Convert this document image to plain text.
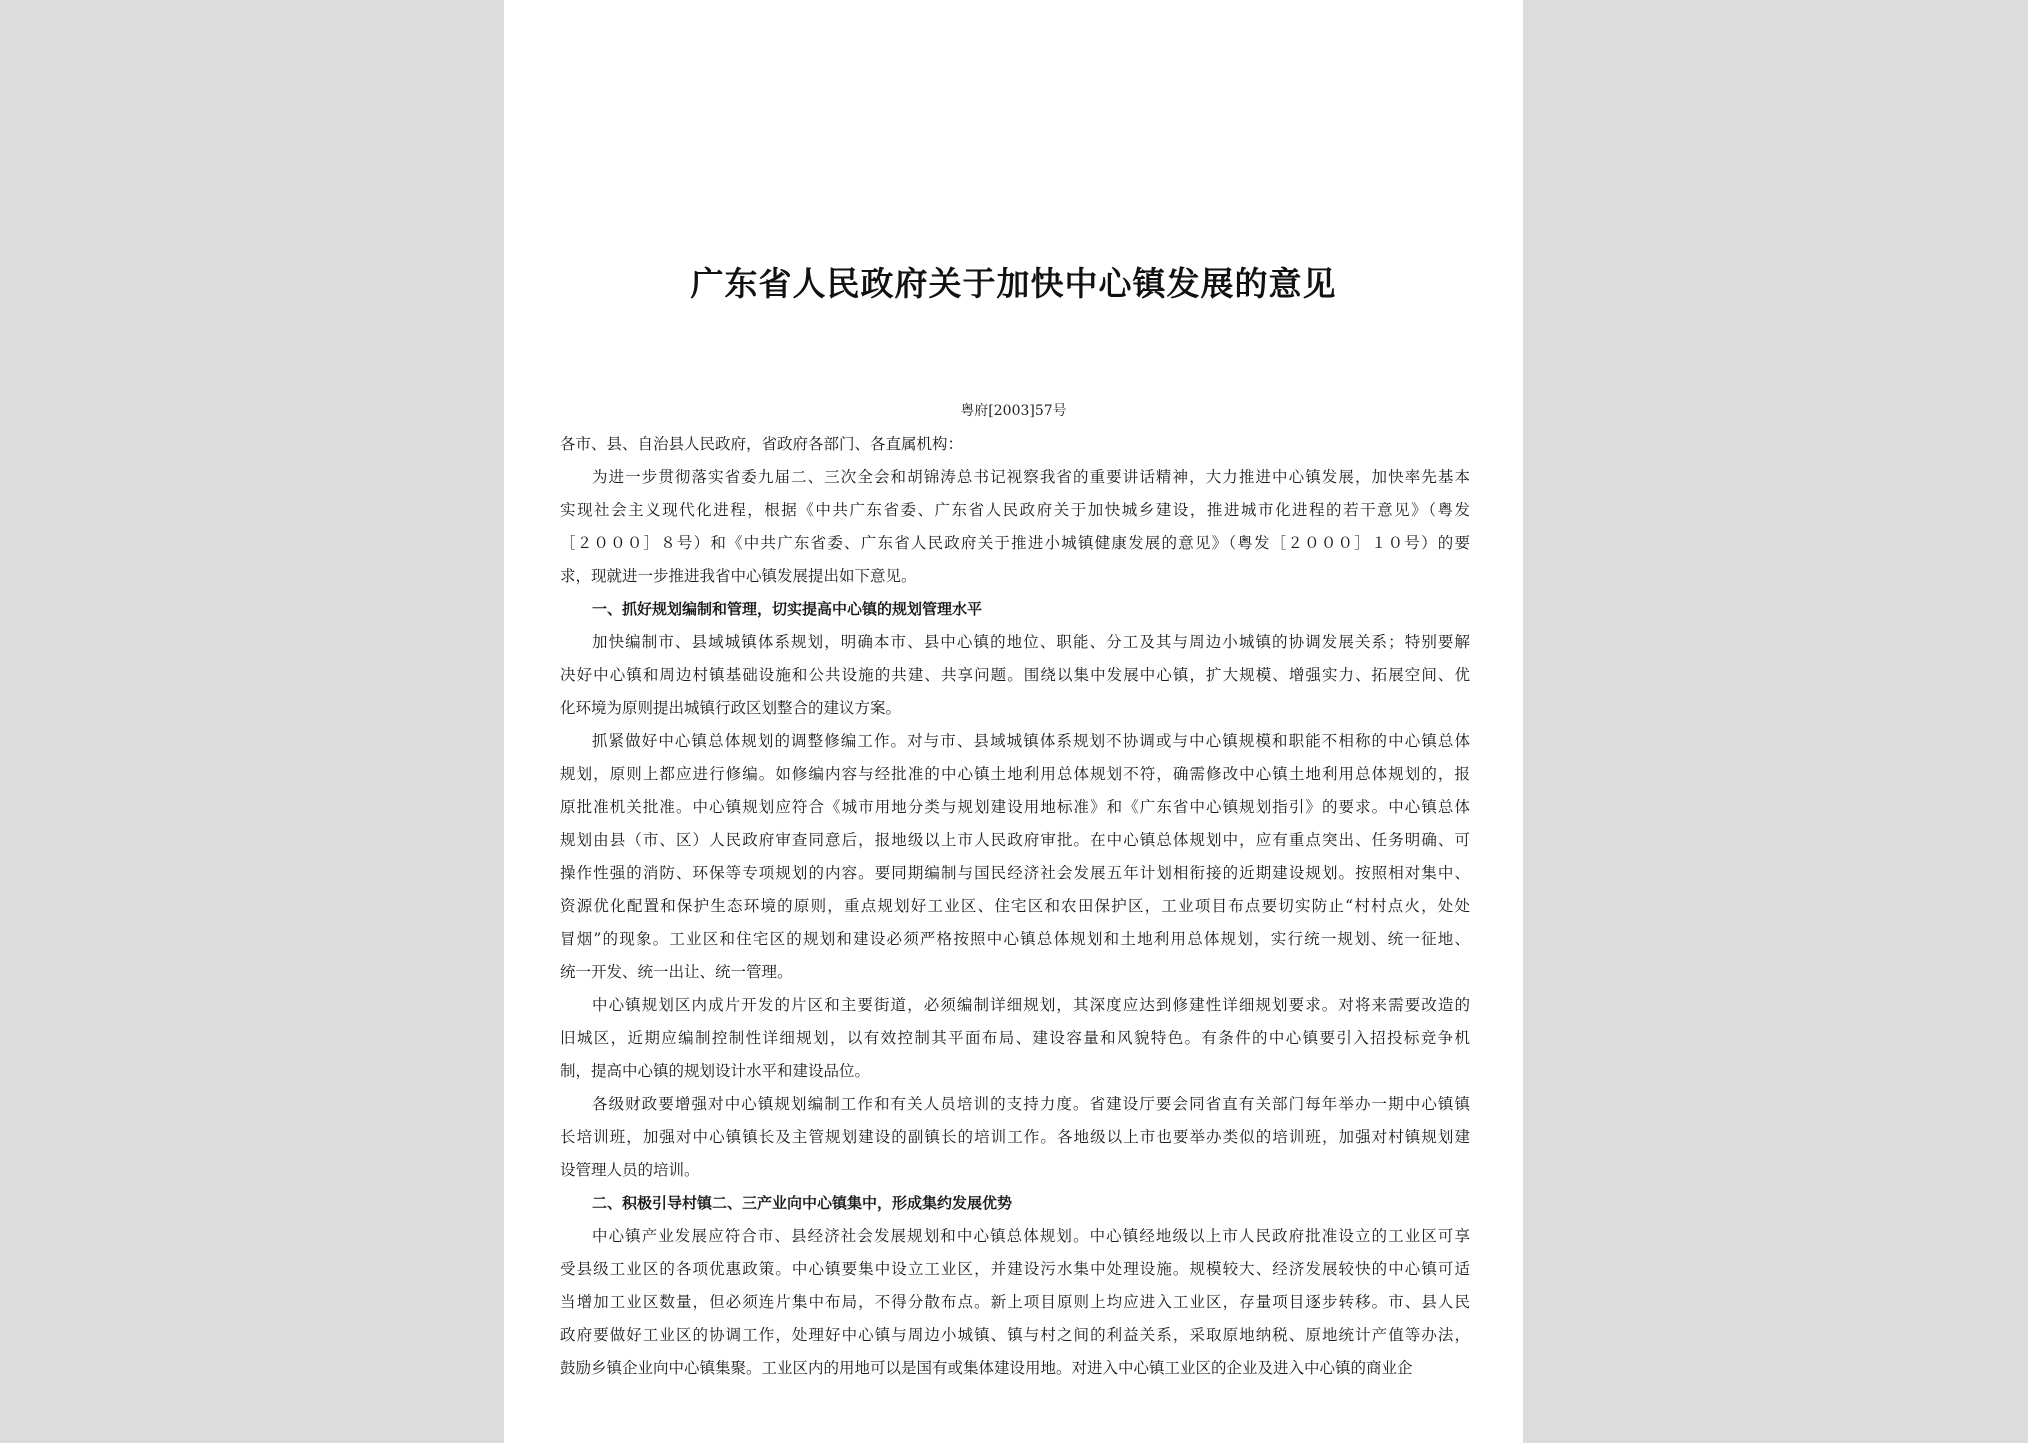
广东省人民政府关于加快中心镇发展的意见
粤府[2003]57号
各市、县、自治县人民政府，省政府各部门、各直属机构：

为进一步贯彻落实省委九届二、三次全会和胡锦涛总书记视察我省的重要讲话精神，大力推进中心镇发展，加快率先基本
实现社会主义现代化进程，根据《中共广东省委、广东省人民政府关于加快城乡建设，推进城市化进程的若干意见》（粤发
［２０００］８号）和《中共广东省委、广东省人民政府关于推进小城镇健康发展的意见》（粤发［２０００］１０号）的要
求，现就进一步推进我省中心镇发展提出如下意见。

一、抓好规划编制和管理，切实提高中心镇的规划管理水平

加快编制市、县域城镇体系规划，明确本市、县中心镇的地位、职能、分工及其与周边小城镇的协调发展关系；特别要解
决好中心镇和周边村镇基础设施和公共设施的共建、共享问题。围绕以集中发展中心镇，扩大规模、增强实力、拓展空间、优
化环境为原则提出城镇行政区划整合的建议方案。

抓紧做好中心镇总体规划的调整修编工作。对与市、县域城镇体系规划不协调或与中心镇规模和职能不相称的中心镇总体
规划，原则上都应进行修编。如修编内容与经批准的中心镇土地利用总体规划不符，确需修改中心镇土地利用总体规划的，报
原批准机关批准。中心镇规划应符合《城市用地分类与规划建设用地标准》和《广东省中心镇规划指引》的要求。中心镇总体
规划由县（市、区）人民政府审查同意后，报地级以上市人民政府审批。在中心镇总体规划中，应有重点突出、任务明确、可
操作性强的消防、环保等专项规划的内容。要同期编制与国民经济社会发展五年计划相衔接的近期建设规划。按照相对集中、
资源优化配置和保护生态环境的原则，重点规划好工业区、住宅区和农田保护区，工业项目布点要切实防止“村村点火，处处
冒烟”的现象。工业区和住宅区的规划和建设必须严格按照中心镇总体规划和土地利用总体规划，实行统一规划、统一征地、
统一开发、统一出让、统一管理。

中心镇规划区内成片开发的片区和主要街道，必须编制详细规划，其深度应达到修建性详细规划要求。对将来需要改造的
旧城区，近期应编制控制性详细规划，以有效控制其平面布局、建设容量和风貌特色。有条件的中心镇要引入招投标竞争机
制，提高中心镇的规划设计水平和建设品位。

各级财政要增强对中心镇规划编制工作和有关人员培训的支持力度。省建设厅要会同省直有关部门每年举办一期中心镇镇
长培训班，加强对中心镇镇长及主管规划建设的副镇长的培训工作。各地级以上市也要举办类似的培训班，加强对村镇规划建
设管理人员的培训。

二、积极引导村镇二、三产业向中心镇集中，形成集约发展优势

中心镇产业发展应符合市、县经济社会发展规划和中心镇总体规划。中心镇经地级以上市人民政府批准设立的工业区可享
受县级工业区的各项优惠政策。中心镇要集中设立工业区，并建设污水集中处理设施。规模较大、经济发展较快的中心镇可适
当增加工业区数量，但必须连片集中布局，不得分散布点。新上项目原则上均应进入工业区，存量项目逐步转移。市、县人民
政府要做好工业区的协调工作，处理好中心镇与周边小城镇、镇与村之间的利益关系，采取原地纳税、原地统计产值等办法，
鼓励乡镇企业向中心镇集聚。工业区内的用地可以是国有或集体建设用地。对进入中心镇工业区的企业及进入中心镇的商业企
